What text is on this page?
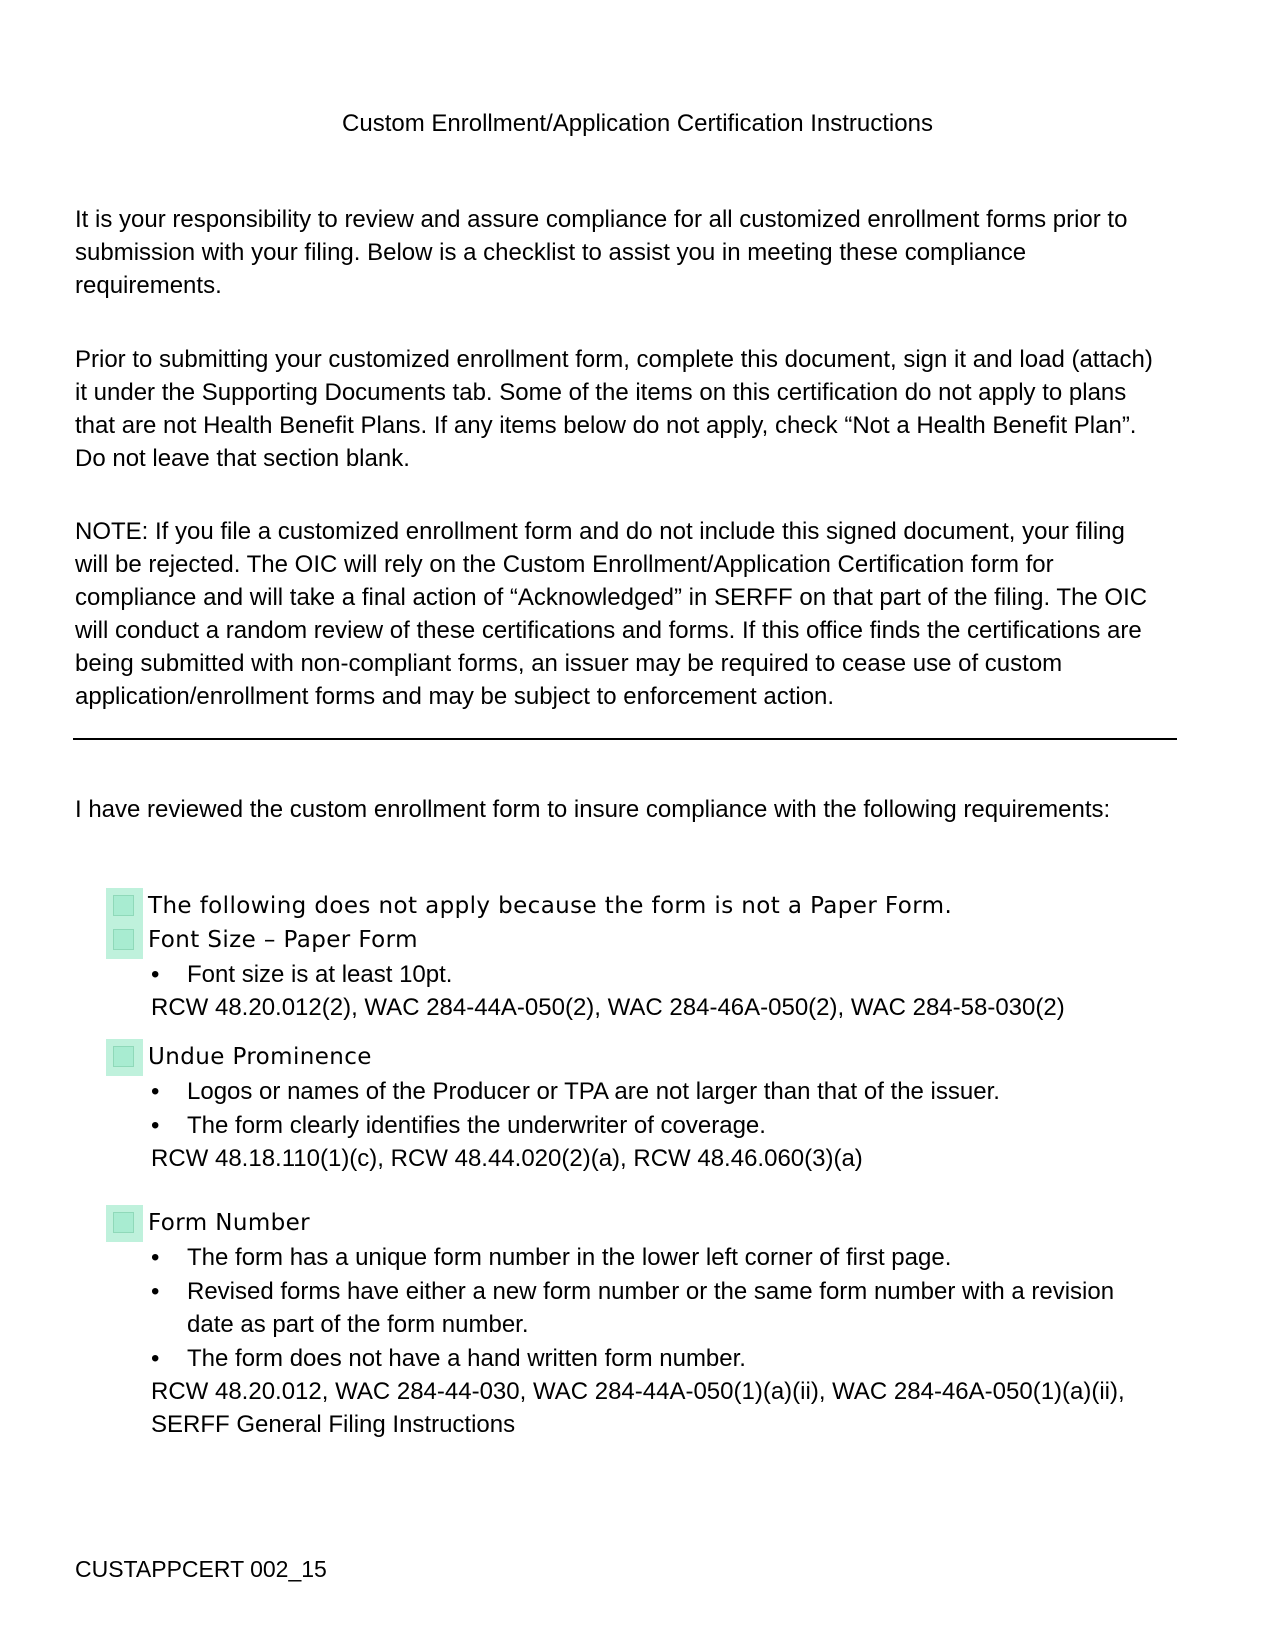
Custom Enrollment/Application Certification Instructions

It is your responsibility to review and assure compliance for all customized enrollment forms prior to
submission with your filing. Below is a checklist to assist you in meeting these compliance
requirements.

Prior to submitting your customized enrollment form, complete this document, sign it and load (attach)
it under the Supporting Documents tab. Some of the items on this certification do not apply to plans
that are not Health Benefit Plans. If any items below do not apply, check “Not a Health Benefit Plan”.
Do not leave that section blank.

NOTE: If you file a customized enrollment form and do not include this signed document, your filing
will be rejected. The OIC will rely on the Custom Enrollment/Application Certification form for
compliance and will take a final action of “Acknowledged” in SERFF on that part of the filing. The OIC
will conduct a random review of these certifications and forms. If this office finds the certifications are
being submitted with non-compliant forms, an issuer may be required to cease use of custom
application/enrollment forms and may be subject to enforcement action.

I have reviewed the custom enrollment form to insure compliance with the following requirements:

The following does not apply because the form is not a Paper Form.
Font Size – Paper Form
•	Font size is at least 10pt.

RCW 48.20.012(2), WAC 284-44A-050(2), WAC 284-46A-050(2), WAC 284-58-030(2)

Undue Prominence
•	Logos or names of the Producer or TPA are not larger than that of the issuer.
•	The form clearly identifies the underwriter of coverage.

RCW 48.18.110(1)(c), RCW 48.44.020(2)(a), RCW 48.46.060(3)(a)

Form Number
•	The form has a unique form number in the lower left corner of first page.
•	Revised forms have either a new form number or the same form number with a revision date as part of the form number.
•	The form does not have a hand written form number.

RCW 48.20.012, WAC 284-44-030, WAC 284-44A-050(1)(a)(ii), WAC 284-46A-050(1)(a)(ii),

SERFF General Filing Instructions

CUSTAPPCERT 002_15
